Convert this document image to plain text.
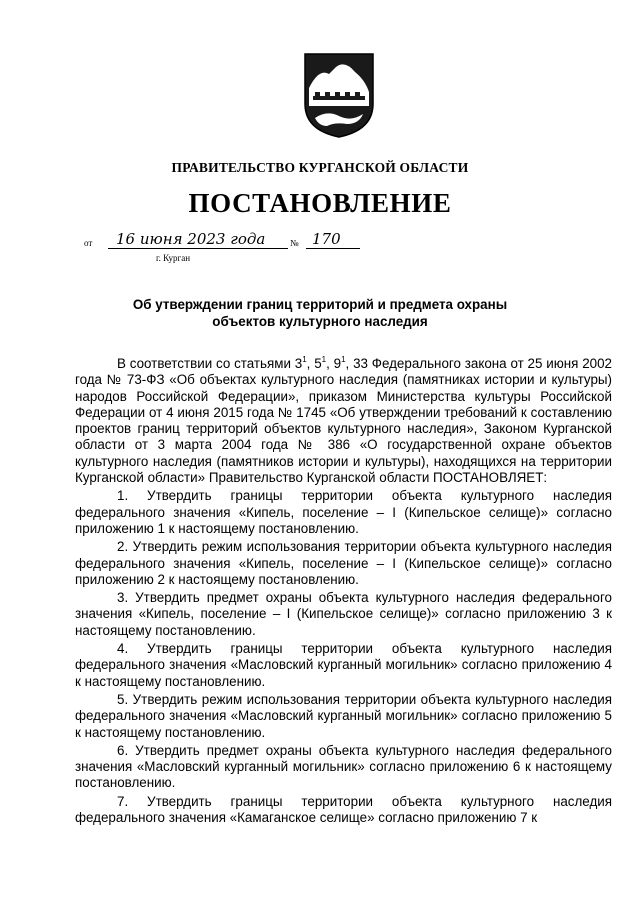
ПРАВИТЕЛЬСТВО КУРГАНСКОЙ ОБЛАСТИ
ПОСТАНОВЛЕНИЕ
от	16 июня 2023 года	№ 170
г. Курган
Об утверждении границ территорий и предмета охраны
объектов культурного наследия

В соответствии со статьями $3^1$, $5^1$, $9^1$, 33 Федерального закона от 25 июня 2002 года № 73-ФЗ «Об объектах культурного наследия (памятниках истории и культуры) народов Российской Федерации», приказом Министерства культуры Российской Федерации от 4 июня 2015 года № 1745 «Об утверждении требований к составлению проектов границ территорий объектов культурного наследия», Законом Курганской области от 3 марта 2004 года № 386 «О государственной охране объектов культурного наследия (памятников истории и культуры), находящихся на территории Курганской области» Правительство Курганской области ПОСТАНОВЛЯЕТ:

1. Утвердить границы территории объекта культурного наследия федерального значения «Кипель, поселение – I (Кипельское селище)» согласно приложению 1 к настоящему постановлению.

2. Утвердить режим использования территории объекта культурного наследия федерального значения «Кипель, поселение – I (Кипельское селище)» согласно приложению 2 к настоящему постановлению.

3. Утвердить предмет охраны объекта культурного наследия федерального значения «Кипель, поселение – I (Кипельское селище)» согласно приложению 3 к настоящему постановлению.

4. Утвердить границы территории объекта культурного наследия федерального значения «Масловский курганный могильник» согласно приложению 4 к настоящему постановлению.

5. Утвердить режим использования территории объекта культурного наследия федерального значения «Масловский курганный могильник» согласно приложению 5 к настоящему постановлению.

6. Утвердить предмет охраны объекта культурного наследия федерального значения «Масловский курганный могильник» согласно приложению 6 к настоящему постановлению.

7. Утвердить границы территории объекта культурного наследия федерального значения «Камаганское селище» согласно приложению 7 к
